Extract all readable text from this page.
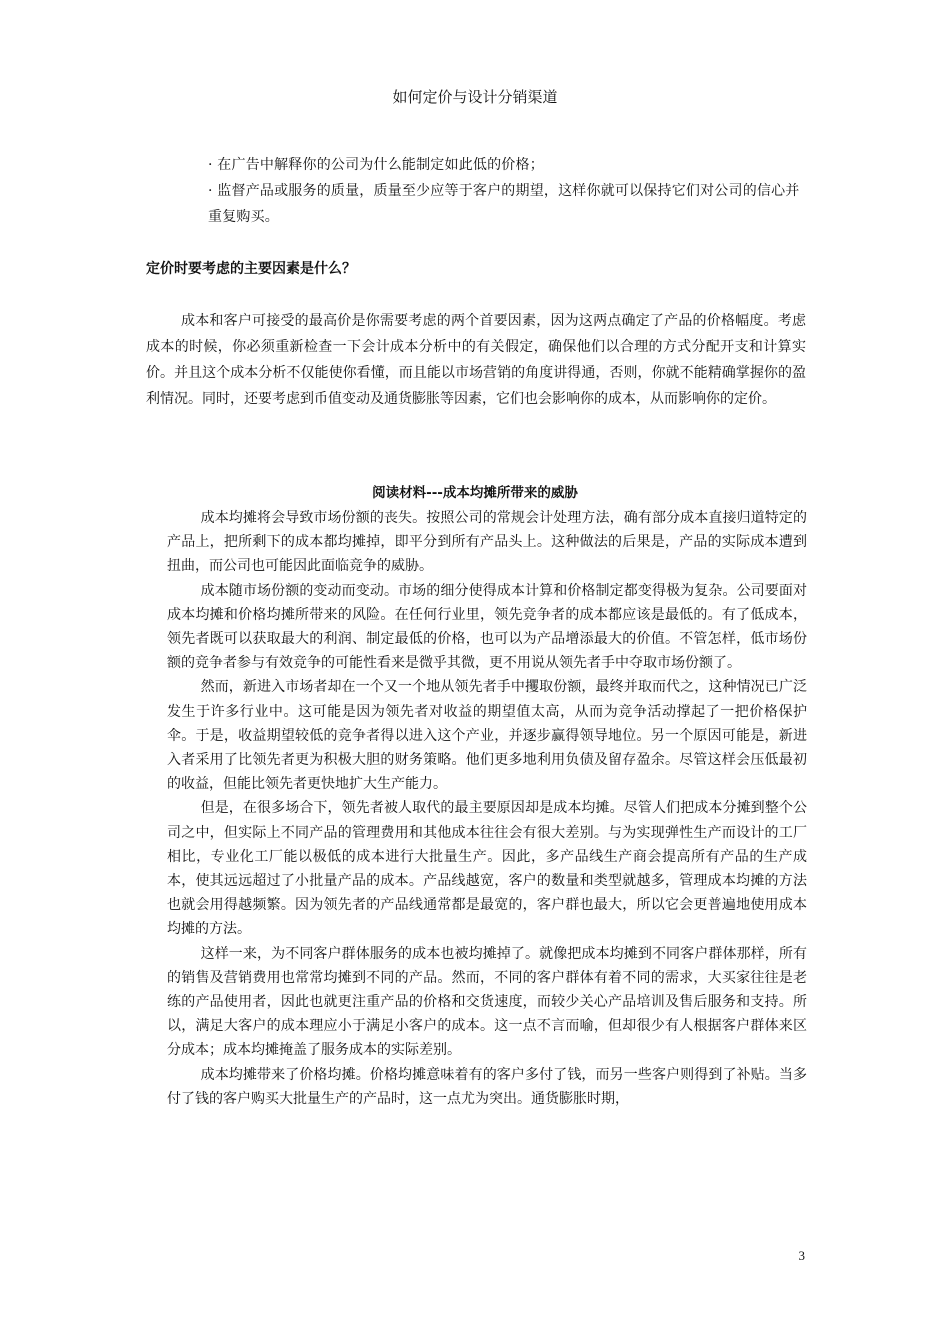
如何定价与设计分销渠道

· 在广告中解释你的公司为什么能制定如此低的价格；

· 监督产品或服务的质量，质量至少应等于客户的期望，这样你就可以保持它们对公司的信心并重复购买。

定价时要考虑的主要因素是什么？

成本和客户可接受的最高价是你需要考虑的两个首要因素，因为这两点确定了产品的价格幅度。考虑成本的时候，你必须重新检查一下会计成本分析中的有关假定，确保他们以合理的方式分配开支和计算实价。并且这个成本分析不仅能使你看懂，而且能以市场营销的角度讲得通，否则，你就不能精确掌握你的盈利情况。同时，还要考虑到币值变动及通货膨胀等因素，它们也会影响你的成本，从而影响你的定价。

阅读材料---成本均摊所带来的威胁

成本均摊将会导致市场份额的丧失。按照公司的常规会计处理方法，确有部分成本直接归道特定的产品上，把所剩下的成本都均摊掉，即平分到所有产品头上。这种做法的后果是，产品的实际成本遭到扭曲，而公司也可能因此面临竞争的威胁。

成本随市场份额的变动而变动。市场的细分使得成本计算和价格制定都变得极为复杂。公司要面对成本均摊和价格均摊所带来的风险。在任何行业里，领先竞争者的成本都应该是最低的。有了低成本，领先者既可以获取最大的利润、制定最低的价格，也可以为产品增添最大的价值。不管怎样，低市场份额的竞争者参与有效竞争的可能性看来是微乎其微，更不用说从领先者手中夺取市场份额了。

然而，新进入市场者却在一个又一个地从领先者手中攫取份额，最终并取而代之，这种情况已广泛发生于许多行业中。这可能是因为领先者对收益的期望值太高，从而为竞争活动撑起了一把价格保护伞。于是，收益期望较低的竞争者得以进入这个产业，并逐步赢得领导地位。另一个原因可能是，新进入者采用了比领先者更为积极大胆的财务策略。他们更多地利用负债及留存盈余。尽管这样会压低最初的收益，但能比领先者更快地扩大生产能力。

但是，在很多场合下，领先者被人取代的最主要原因却是成本均摊。尽管人们把成本分摊到整个公司之中，但实际上不同产品的管理费用和其他成本往往会有很大差别。与为实现弹性生产而设计的工厂相比，专业化工厂能以极低的成本进行大批量生产。因此，多产品线生产商会提高所有产品的生产成本，使其远远超过了小批量产品的成本。产品线越宽，客户的数量和类型就越多，管理成本均摊的方法也就会用得越频繁。因为领先者的产品线通常都是最宽的，客户群也最大，所以它会更普遍地使用成本均摊的方法。

这样一来，为不同客户群体服务的成本也被均摊掉了。就像把成本均摊到不同客户群体那样，所有的销售及营销费用也常常均摊到不同的产品。然而，不同的客户群体有着不同的需求，大买家往往是老练的产品使用者，因此也就更注重产品的价格和交货速度，而较少关心产品培训及售后服务和支持。所以，满足大客户的成本理应小于满足小客户的成本。这一点不言而喻，但却很少有人根据客户群体来区分成本；成本均摊掩盖了服务成本的实际差别。

成本均摊带来了价格均摊。价格均摊意味着有的客户多付了钱，而另一些客户则得到了补贴。当多付了钱的客户购买大批量生产的产品时，这一点尤为突出。通货膨胀时期，

3
